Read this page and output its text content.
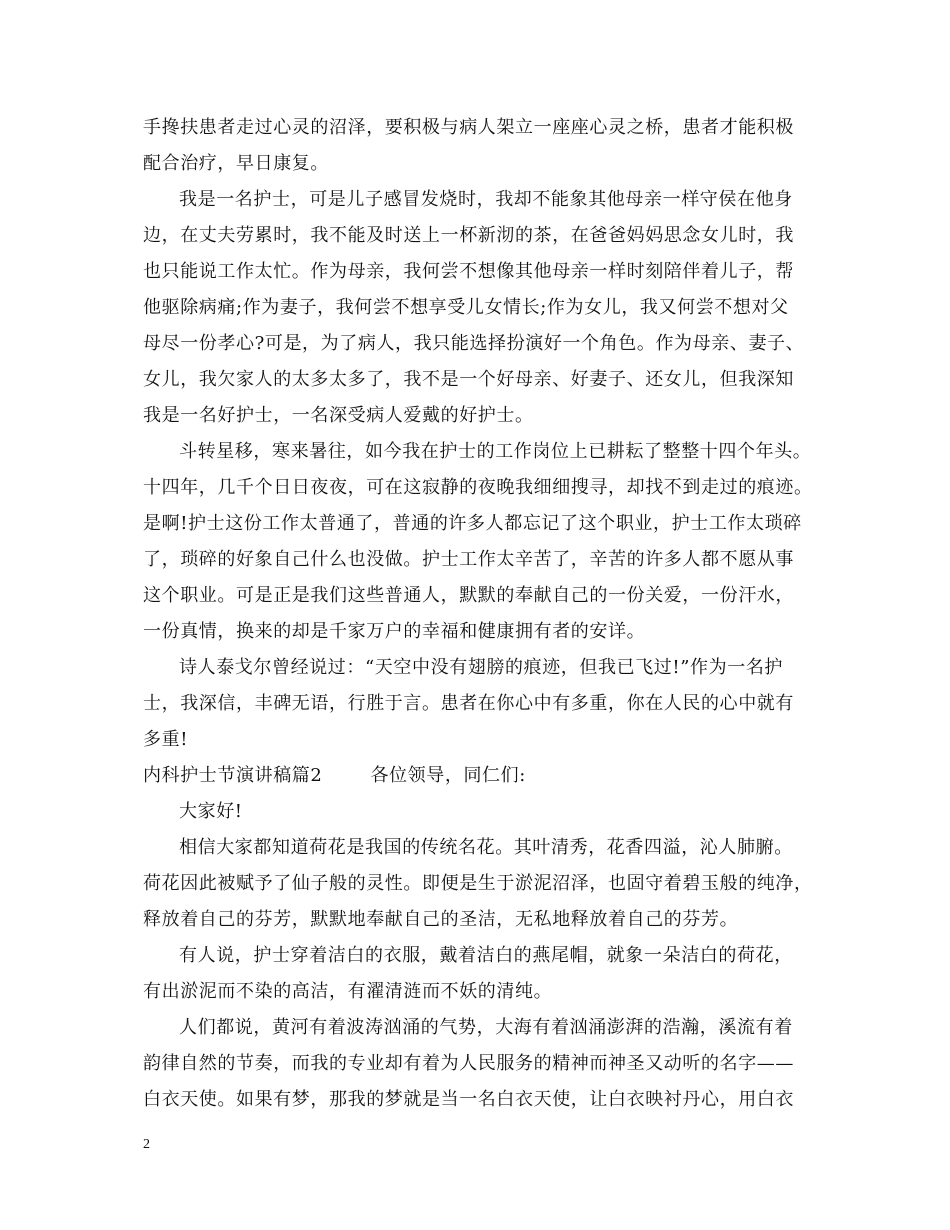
手搀扶患者走过心灵的沼泽，要积极与病人架立一座座心灵之桥，患者才能积极
配合治疗，早日康复。
我是一名护士，可是儿子感冒发烧时，我却不能象其他母亲一样守侯在他身
边，在丈夫劳累时，我不能及时送上一杯新沏的茶，在爸爸妈妈思念女儿时，我
也只能说工作太忙。作为母亲，我何尝不想像其他母亲一样时刻陪伴着儿子，帮
他驱除病痛;作为妻子，我何尝不想享受儿女情长;作为女儿，我又何尝不想对父
母尽一份孝心?可是，为了病人，我只能选择扮演好一个角色。作为母亲、妻子、
女儿，我欠家人的太多太多了，我不是一个好母亲、好妻子、还女儿，但我深知
我是一名好护士，一名深受病人爱戴的好护士。
斗转星移，寒来暑往，如今我在护士的工作岗位上已耕耘了整整十四个年头。
十四年，几千个日日夜夜，可在这寂静的夜晚我细细搜寻，却找不到走过的痕迹。
是啊!护士这份工作太普通了，普通的许多人都忘记了这个职业，护士工作太琐碎
了，琐碎的好象自己什么也没做。护士工作太辛苦了，辛苦的许多人都不愿从事
这个职业。可是正是我们这些普通人，默默的奉献自己的一份关爱，一份汗水，
一份真情，换来的却是千家万户的幸福和健康拥有者的安详。
诗人泰戈尔曾经说过：“天空中没有翅膀的痕迹，但我已飞过!”作为一名护
士，我深信，丰碑无语，行胜于言。患者在你心中有多重，你在人民的心中就有
多重!
内科护士节演讲稿篇2	各位领导，同仁们:
大家好!
相信大家都知道荷花是我国的传统名花。其叶清秀，花香四溢，沁人肺腑。
荷花因此被赋予了仙子般的灵性。即便是生于淤泥沼泽，也固守着碧玉般的纯净，
释放着自己的芬芳，默默地奉献自己的圣洁，无私地释放着自己的芬芳。
有人说，护士穿着洁白的衣服，戴着洁白的燕尾帽，就象一朵洁白的荷花，
有出淤泥而不染的高洁，有濯清涟而不妖的清纯。
人们都说，黄河有着波涛汹涌的气势，大海有着汹涌澎湃的浩瀚，溪流有着
韵律自然的节奏，而我的专业却有着为人民服务的精神而神圣又动听的名字——
白衣天使。如果有梦，那我的梦就是当一名白衣天使，让白衣映衬丹心，用白衣
2
